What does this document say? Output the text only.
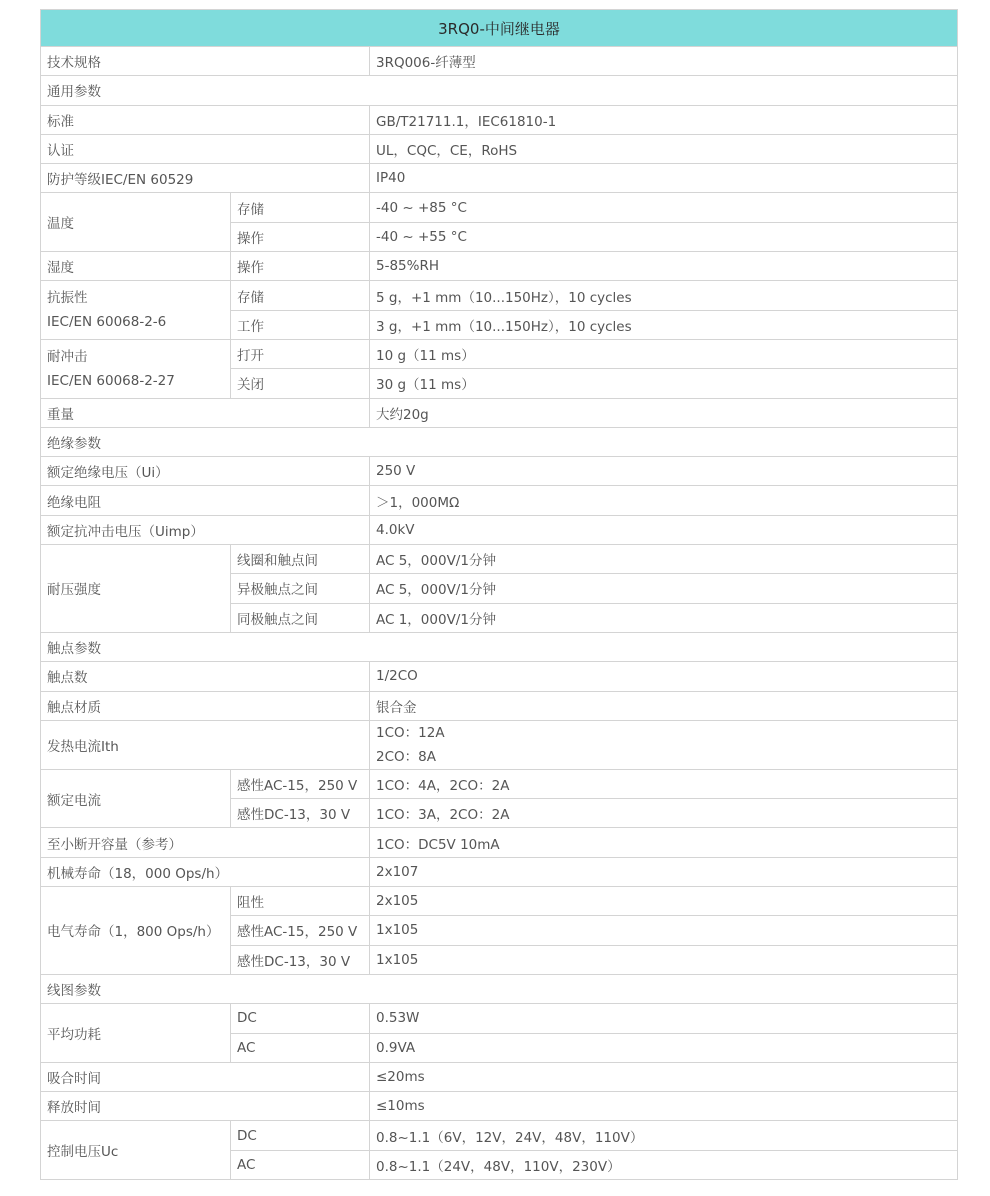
3RQ0-中间继电器		
技术规格		3RQ006-纤薄型
通用参数		
标准		GB/T21711.1，IEC61810-1
认证		UL，CQC，CE，RoHS
防护等级IEC/EN 60529		IP40
温度	存储	-40 ~ +85 °C
	操作	-40 ~ +55 °C
湿度	操作	5-85%RH

抗振性
IEC/EN 60068-2-6	存储	5 g，+1 mm（10...150Hz），10 cycles
	工作	3 g，+1 mm（10...150Hz），10 cycles

耐冲击
IEC/EN 60068-2-27	打开	10 g（11 ms）
	关闭	30 g（11 ms）
重量		大约20g
绝缘参数		
额定绝缘电压（Ui）		250 V
绝缘电阻		＞1，000MΩ
额定抗冲击电压（Uimp）		4.0kV
耐压强度	线圈和触点间	AC 5，000V/1分钟
	异极触点之间	AC 5，000V/1分钟
	同极触点之间	AC 1，000V/1分钟
触点参数		
触点数		1/2CO
触点材质		银合金
发热电流Ith		1CO：12A
2CO：8A

额定电流	感性AC-15，250 V	1CO：4A，2CO：2A
	感性DC-13，30 V	1CO：3A，2CO：2A
至小断开容量（参考）		1CO：DC5V 10mA
机械寿命（18，000 Ops/h）		2x107
电气寿命（1，800 Ops/h）	阻性	2x105
	感性AC-15，250 V	1x105
	感性DC-13，30 V	1x105
线图参数		
平均功耗	DC	0.53W
	AC	0.9VA
吸合时间		≤20ms
释放时间		≤10ms
控制电压Uc	DC	0.8~1.1（6V，12V，24V，48V，110V）
	AC	0.8~1.1（24V，48V，110V，230V）
